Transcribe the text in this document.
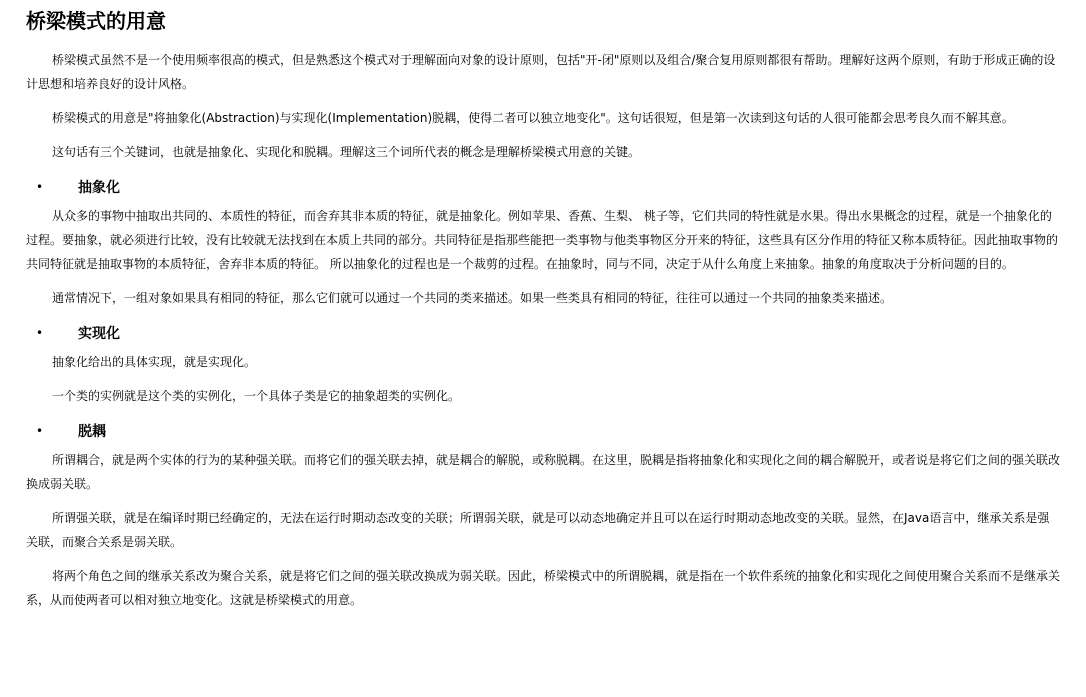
桥梁模式的用意

桥梁模式虽然不是一个使用频率很高的模式，但是熟悉这个模式对于理解面向对象的设计原则，包括"开-闭"原则以及组合/聚合复用原则都很有帮助。理解好这两个原则，有助于形成正确的设计思想和培养良好的设计风格。

桥梁模式的用意是"将抽象化(Abstraction)与实现化(Implementation)脱耦，使得二者可以独立地变化"。这句话很短，但是第一次读到这句话的人很可能都会思考良久而不解其意。

这句话有三个关键词，也就是抽象化、实现化和脱耦。理解这三个词所代表的概念是理解桥梁模式用意的关键。

•	抽象化

从众多的事物中抽取出共同的、本质性的特征，而舍弃其非本质的特征，就是抽象化。例如苹果、香蕉、生梨、 桃子等，它们共同的特性就是水果。得出水果概念的过程，就是一个抽象化的过程。要抽象，就必须进行比较，没有比较就无法找到在本质上共同的部分。共同特征是指那些能把一类事物与他类事物区分开来的特征，这些具有区分作用的特征又称本质特征。因此抽取事物的共同特征就是抽取事物的本质特征，舍弃非本质的特征。 所以抽象化的过程也是一个裁剪的过程。在抽象时，同与不同，决定于从什么角度上来抽象。抽象的角度取决于分析问题的目的。

通常情况下，一组对象如果具有相同的特征，那么它们就可以通过一个共同的类来描述。如果一些类具有相同的特征，往往可以通过一个共同的抽象类来描述。

•	实现化

抽象化给出的具体实现，就是实现化。

一个类的实例就是这个类的实例化，一个具体子类是它的抽象超类的实例化。

•	脱耦

所谓耦合，就是两个实体的行为的某种强关联。而将它们的强关联去掉，就是耦合的解脱，或称脱耦。在这里，脱耦是指将抽象化和实现化之间的耦合解脱开，或者说是将它们之间的强关联改换成弱关联。

所谓强关联，就是在编译时期已经确定的，无法在运行时期动态改变的关联；所谓弱关联，就是可以动态地确定并且可以在运行时期动态地改变的关联。显然，在Java语言中，继承关系是强关联，而聚合关系是弱关联。

将两个角色之间的继承关系改为聚合关系，就是将它们之间的强关联改换成为弱关联。因此，桥梁模式中的所谓脱耦，就是指在一个软件系统的抽象化和实现化之间使用聚合关系而不是继承关系，从而使两者可以相对独立地变化。这就是桥梁模式的用意。
